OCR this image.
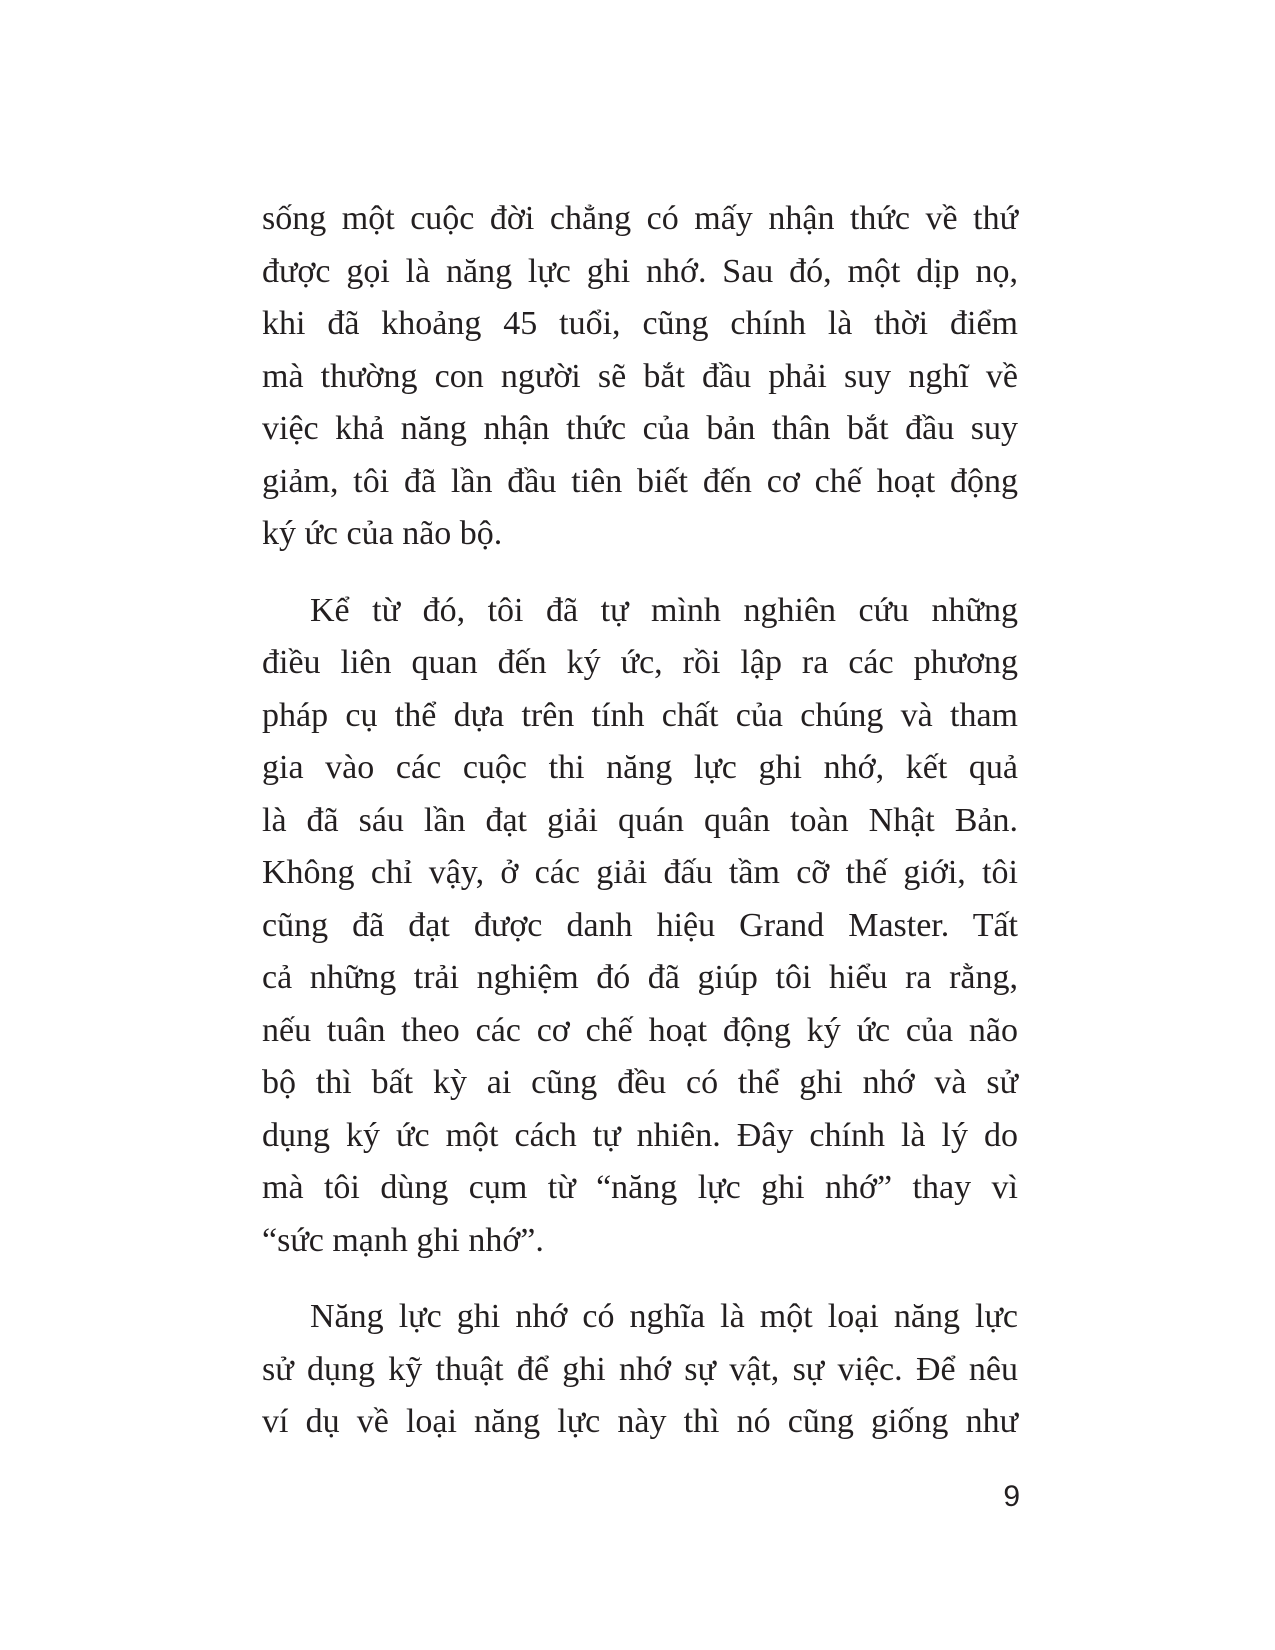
sống một cuộc đời chẳng có mấy nhận thức về thứ
được gọi là năng lực ghi nhớ. Sau đó, một dịp nọ,
khi đã khoảng 45 tuổi, cũng chính là thời điểm
mà thường con người sẽ bắt đầu phải suy nghĩ về
việc khả năng nhận thức của bản thân bắt đầu suy
giảm, tôi đã lần đầu tiên biết đến cơ chế hoạt động
ký ức của não bộ.
Kể từ đó, tôi đã tự mình nghiên cứu những
điều liên quan đến ký ức, rồi lập ra các phương
pháp cụ thể dựa trên tính chất của chúng và tham
gia vào các cuộc thi năng lực ghi nhớ, kết quả
là đã sáu lần đạt giải quán quân toàn Nhật Bản.
Không chỉ vậy, ở các giải đấu tầm cỡ thế giới, tôi
cũng đã đạt được danh hiệu Grand Master. Tất
cả những trải nghiệm đó đã giúp tôi hiểu ra rằng,
nếu tuân theo các cơ chế hoạt động ký ức của não
bộ thì bất kỳ ai cũng đều có thể ghi nhớ và sử
dụng ký ức một cách tự nhiên. Đây chính là lý do
mà tôi dùng cụm từ “năng lực ghi nhớ” thay vì
“sức mạnh ghi nhớ”.
Năng lực ghi nhớ có nghĩa là một loại năng lực
sử dụng kỹ thuật để ghi nhớ sự vật, sự việc. Để nêu
ví dụ về loại năng lực này thì nó cũng giống như
9
